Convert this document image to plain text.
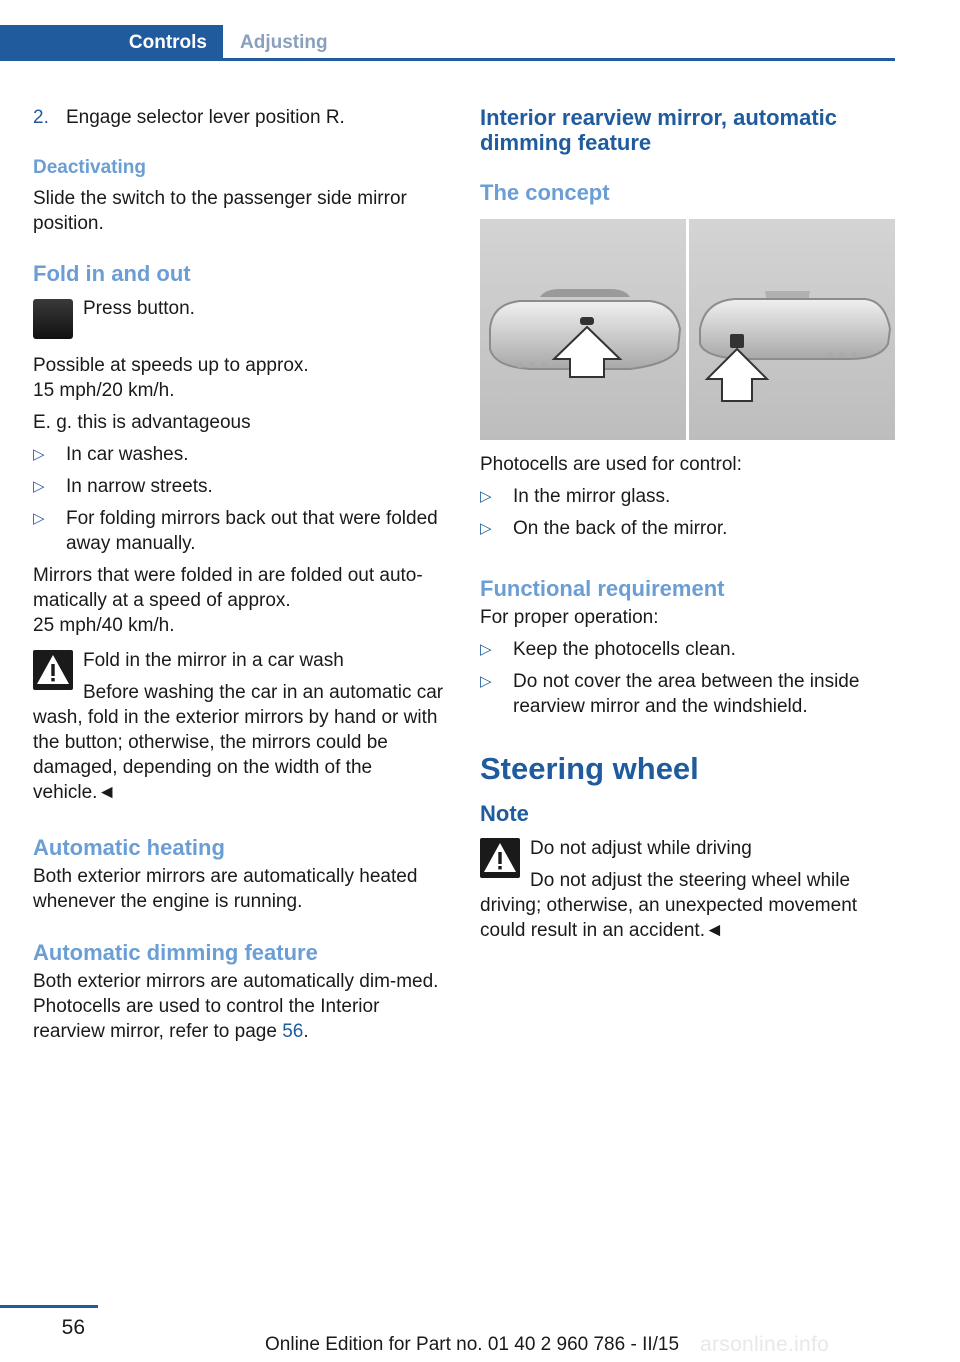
Controls	Adjusting
2. Engage selector lever position R.

Deactivating

Slide the switch to the passenger side mirror position.

Fold in and out

Press button.

Possible at speeds up to approx.
15 mph/20 km/h.

E. g. this is advantageous

▷ In car washes.
▷ In narrow streets.
▷ For folding mirrors back out that were folded away manually.

Mirrors that were folded in are folded out auto-matically at a speed of approx.
25 mph/40 km/h.

Fold in the mirror in a car wash

Before washing the car in an automatic car wash, fold in the exterior mirrors by hand or with the button; otherwise, the mirrors could be damaged, depending on the width of the vehicle.◄

Automatic heating

Both exterior mirrors are automatically heated whenever the engine is running.

Automatic dimming feature

Both exterior mirrors are automatically dim-med. Photocells are used to control the Interior rearview mirror, refer to page 56.

Interior rearview mirror, automatic dimming feature

The concept

Photocells are used for control:

▷ In the mirror glass.
▷ On the back of the mirror.

Functional requirement

For proper operation:

▷ Keep the photocells clean.
▷ Do not cover the area between the inside rearview mirror and the windshield.

Steering wheel

Note

Do not adjust while driving

Do not adjust the steering wheel while driving; otherwise, an unexpected movement could result in an accident.◄

56
Online Edition for Part no. 01 40 2 960 786 - II/15 arsonline.info
